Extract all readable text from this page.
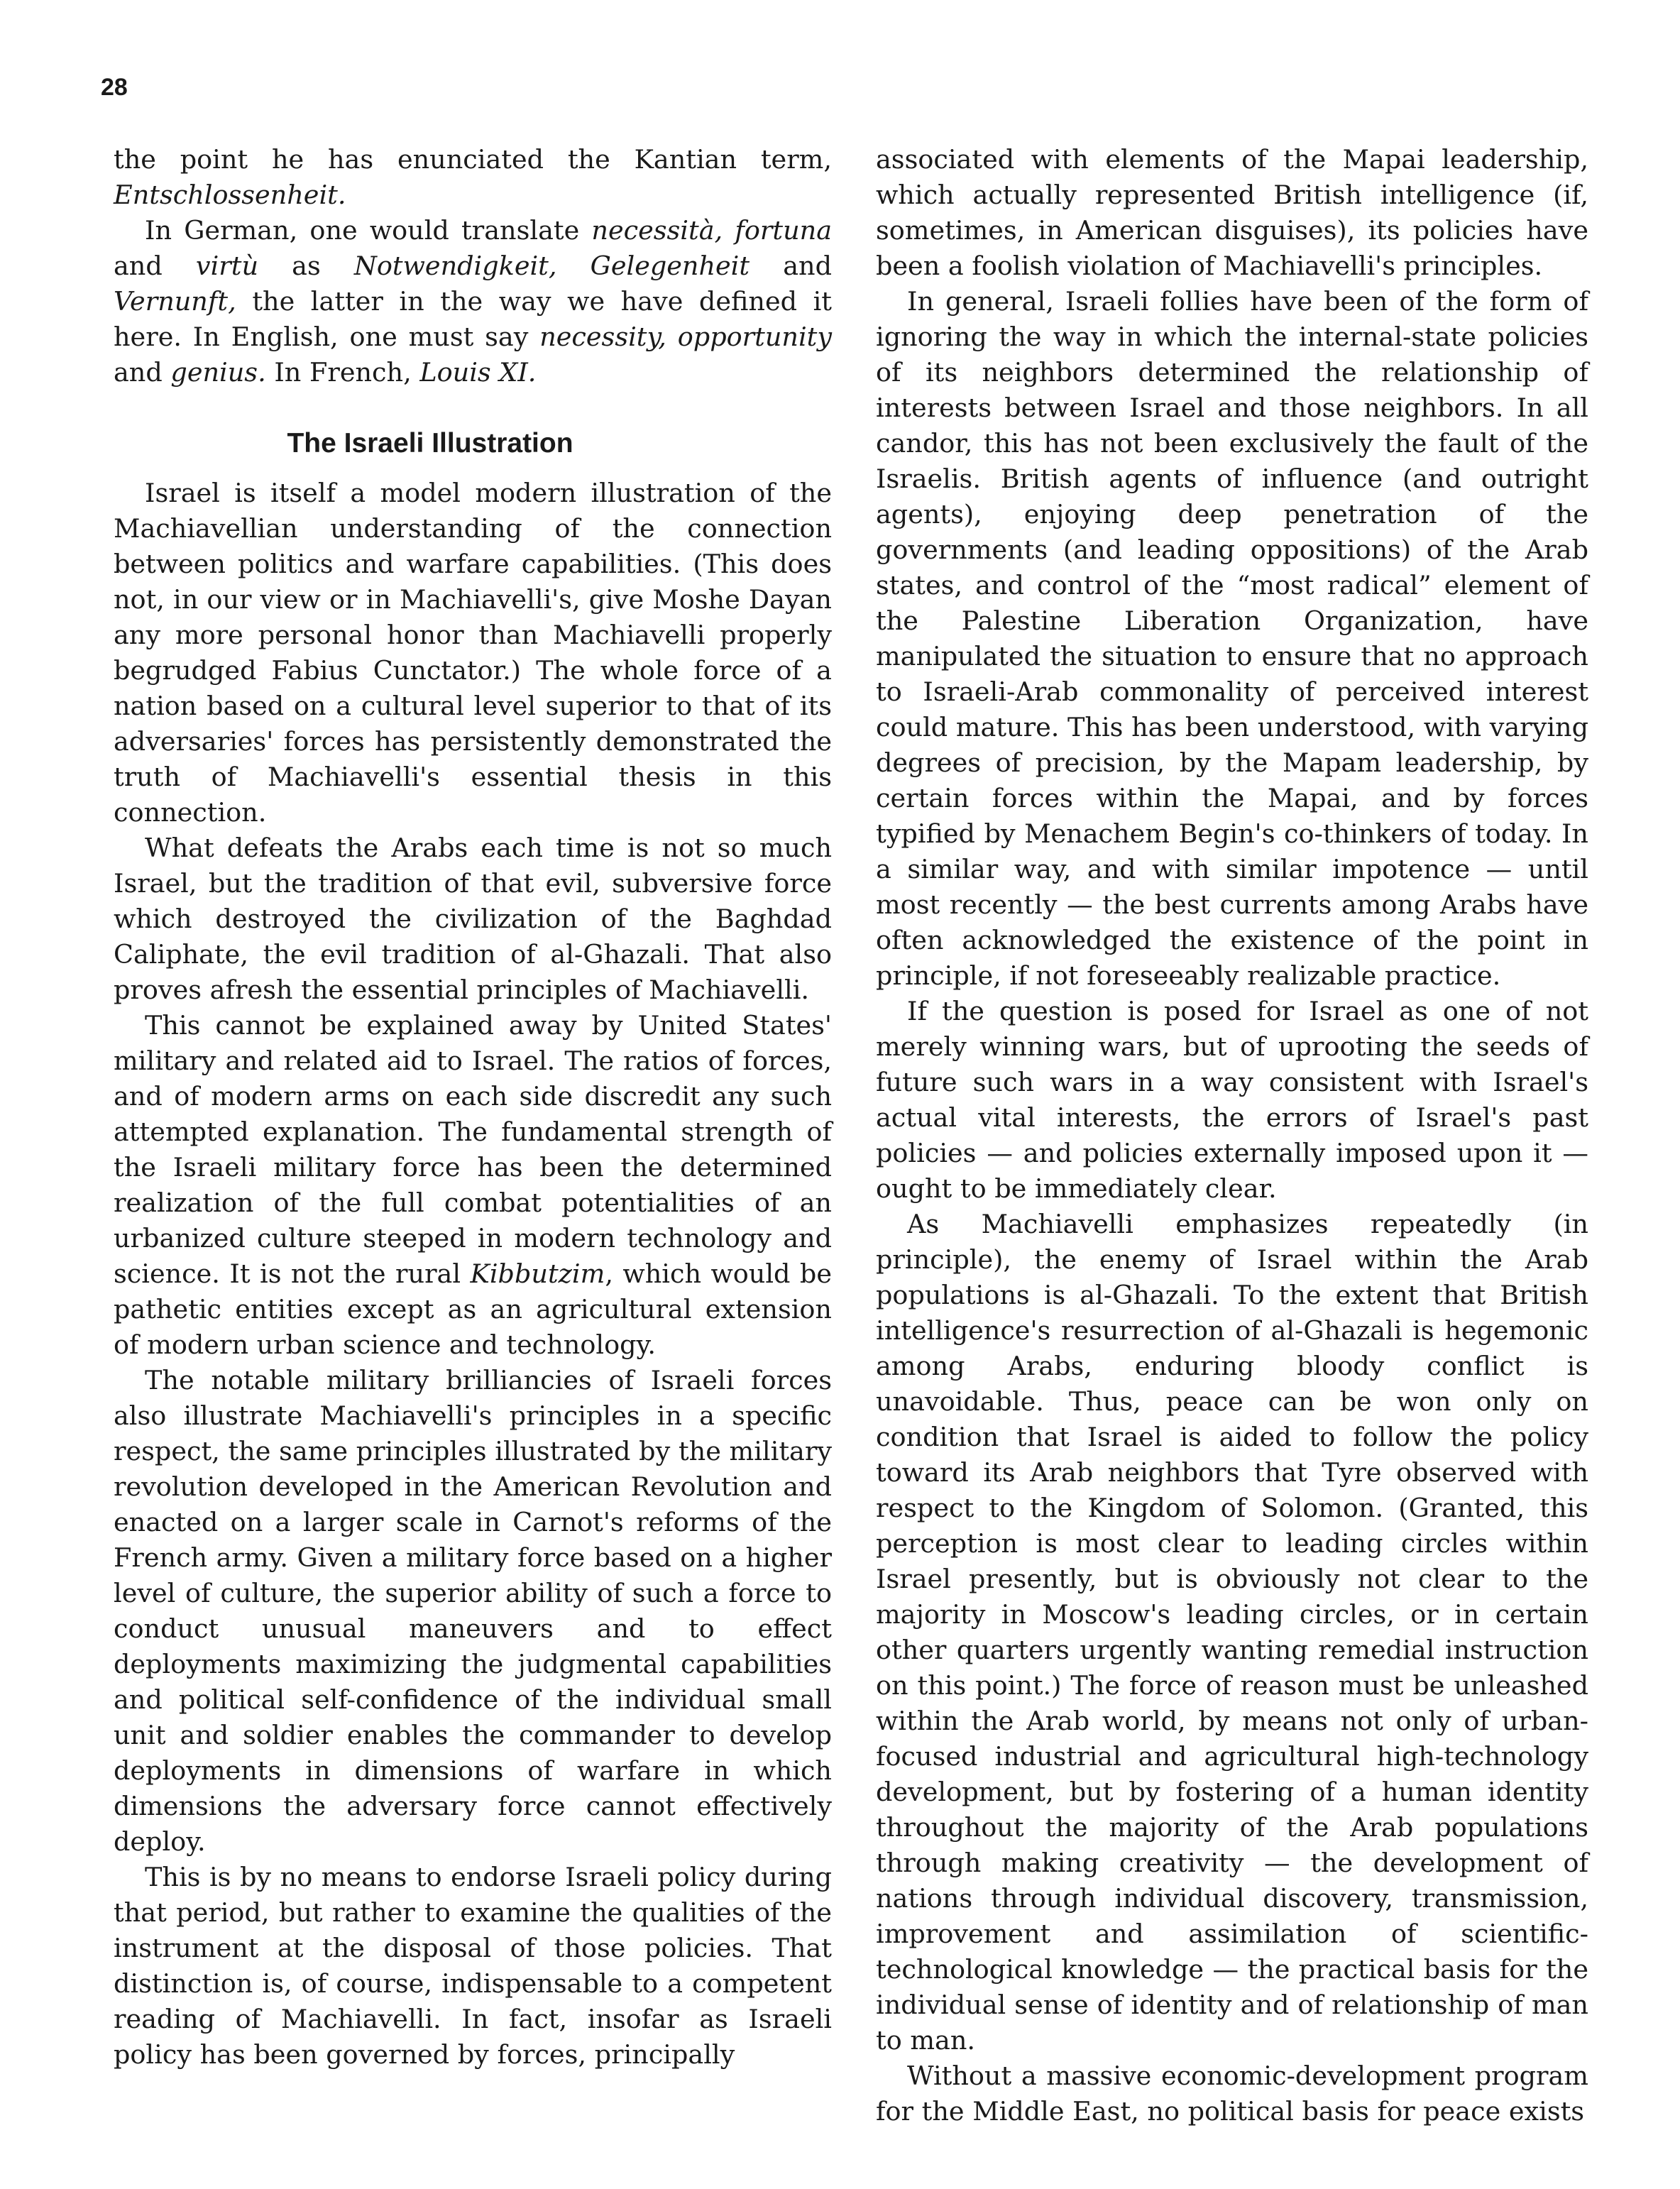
28

the point he has enunciated the Kantian term, Entschlossenheit.

In German, one would translate necessità, fortuna and virtù as Notwendigkeit, Gelegenheit and Vernunft, the latter in the way we have defined it here. In English, one must say necessity, opportunity and genius. In French, Louis XI.

The Israeli Illustration

Israel is itself a model modern illustration of the Machiavellian understanding of the connection between politics and warfare capabilities. (This does not, in our view or in Machiavelli's, give Moshe Dayan any more personal honor than Machiavelli properly begrudged Fabius Cunctator.) The whole force of a nation based on a cultural level superior to that of its adversaries' forces has persistently demonstrated the truth of Machiavelli's essential thesis in this connection.

What defeats the Arabs each time is not so much Israel, but the tradition of that evil, subversive force which destroyed the civilization of the Baghdad Caliphate, the evil tradition of al-Ghazali. That also proves afresh the essential principles of Machiavelli.

This cannot be explained away by United States' military and related aid to Israel. The ratios of forces, and of modern arms on each side discredit any such attempted explanation. The fundamental strength of the Israeli military force has been the determined realization of the full combat potentialities of an urbanized culture steeped in modern technology and science. It is not the rural Kibbutzim, which would be pathetic entities except as an agricultural extension of modern urban science and technology.

The notable military brilliancies of Israeli forces also illustrate Machiavelli's principles in a specific respect, the same principles illustrated by the military revolution developed in the American Revolution and enacted on a larger scale in Carnot's reforms of the French army. Given a military force based on a higher level of culture, the superior ability of such a force to conduct unusual maneuvers and to effect deployments maximizing the judgmental capabilities and political self-confidence of the individual small unit and soldier enables the commander to develop deployments in dimensions of warfare in which dimensions the adversary force cannot effectively deploy.

This is by no means to endorse Israeli policy during that period, but rather to examine the qualities of the instrument at the disposal of those policies. That distinction is, of course, indispensable to a competent reading of Machiavelli. In fact, insofar as Israeli policy has been governed by forces, principally

associated with elements of the Mapai leadership, which actually represented British intelligence (if, sometimes, in American disguises), its policies have been a foolish violation of Machiavelli's principles.

In general, Israeli follies have been of the form of ignoring the way in which the internal-state policies of its neighbors determined the relationship of interests between Israel and those neighbors. In all candor, this has not been exclusively the fault of the Israelis. British agents of influence (and outright agents), enjoying deep penetration of the governments (and leading oppositions) of the Arab states, and control of the “most radical” element of the Palestine Liberation Organization, have manipulated the situation to ensure that no approach to Israeli-Arab commonality of perceived interest could mature. This has been understood, with varying degrees of precision, by the Mapam leadership, by certain forces within the Mapai, and by forces typified by Menachem Begin's co-thinkers of today. In a similar way, and with similar impotence — until most recently — the best currents among Arabs have often acknowledged the existence of the point in principle, if not foreseeably realizable practice.

If the question is posed for Israel as one of not merely winning wars, but of uprooting the seeds of future such wars in a way consistent with Israel's actual vital interests, the errors of Israel's past policies — and policies externally imposed upon it — ought to be immediately clear.

As Machiavelli emphasizes repeatedly (in principle), the enemy of Israel within the Arab populations is al-Ghazali. To the extent that British intelligence's resurrection of al-Ghazali is hegemonic among Arabs, enduring bloody conflict is unavoidable. Thus, peace can be won only on condition that Israel is aided to follow the policy toward its Arab neighbors that Tyre observed with respect to the Kingdom of Solomon. (Granted, this perception is most clear to leading circles within Israel presently, but is obviously not clear to the majority in Moscow's leading circles, or in certain other quarters urgently wanting remedial instruction on this point.) The force of reason must be unleashed within the Arab world, by means not only of urban-focused industrial and agricultural high-technology development, but by fostering of a human identity throughout the majority of the Arab populations through making creativity — the development of nations through individual discovery, transmission, improvement and assimilation of scientific-technological knowledge — the practical basis for the individual sense of identity and of relationship of man to man.

Without a massive economic-development program for the Middle East, no political basis for peace exists
